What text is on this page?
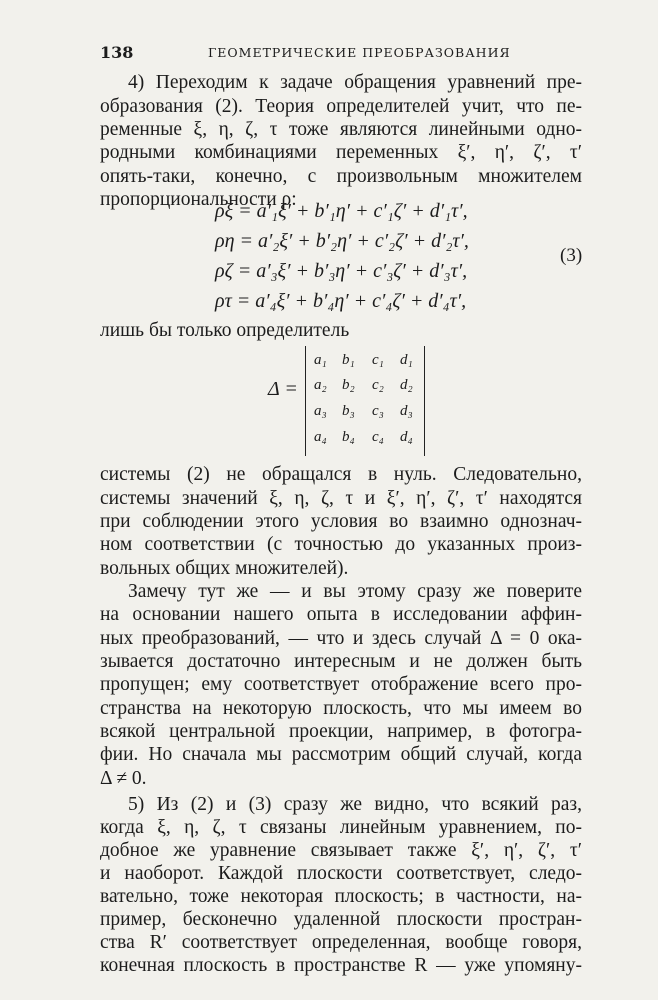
138	ГЕОМЕТРИЧЕСКИЕ ПРЕОБРАЗОВАНИЯ
4) Переходим к задаче обращения уравнений пре-
образования (2). Теория определителей учит, что пе-
ременные ξ, η, ζ, τ тоже являются линейными одно-
родными комбинациями переменных ξ′, η′, ζ′, τ′
опять-таки, конечно, с произвольным множителем
пропорциональности ρ:
ρξ = a′₁ξ′ + b′₁η′ + c′₁ζ′ + d′₁τ′,
ρη = a′₂ξ′ + b′₂η′ + c′₂ζ′ + d′₂τ′,
ρζ = a′₃ξ′ + b′₃η′ + c′₃ζ′ + d′₃τ′,
ρτ = a′₄ξ′ + b′₄η′ + c′₄ζ′ + d′₄τ′,
(3)
лишь бы только определитель
Δ =
a₁ b₁ c₁ d₁
a₂ b₂ c₂ d₂
a₃ b₃ c₃ d₃
a₄ b₄ c₄ d₄
системы (2) не обращался в нуль. Следовательно,
системы значений ξ, η, ζ, τ и ξ′, η′, ζ′, τ′ находятся
при соблюдении этого условия во взаимно однознач-
ном соответствии (с точностью до указанных произ-
вольных общих множителей).
Замечу тут же — и вы этому сразу же поверите
на основании нашего опыта в исследовании аффин-
ных преобразований, — что и здесь случай Δ = 0 ока-
зывается достаточно интересным и не должен быть
пропущен; ему соответствует отображение всего про-
странства на некоторую плоскость, что мы имеем во
всякой центральной проекции, например, в фотогра-
фии. Но сначала мы рассмотрим общий случай, когда
Δ ≠ 0.
5) Из (2) и (3) сразу же видно, что всякий раз,
когда ξ, η, ζ, τ связаны линейным уравнением, по-
добное же уравнение связывает также ξ′, η′, ζ′, τ′
и наоборот. Каждой плоскости соответствует, следо-
вательно, тоже некоторая плоскость; в частности, на-
пример, бесконечно удаленной плоскости простран-
ства R′ соответствует определенная, вообще говоря,
конечная плоскость в пространстве R — уже упомяну-
